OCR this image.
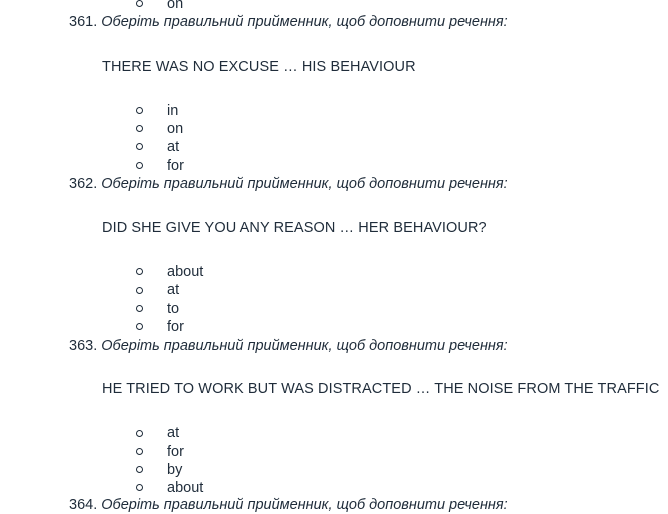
on
361. Оберіть правильний прийменник, щоб доповнити речення:
THERE WAS NO EXCUSE … HIS BEHAVIOUR
in
on
at
for
362. Оберіть правильний прийменник, щоб доповнити речення:
DID SHE GIVE YOU ANY REASON … HER BEHAVIOUR?
about
at
to
for
363. Оберіть правильний прийменник, щоб доповнити речення:
HE TRIED TO WORK BUT WAS DISTRACTED … THE NOISE FROM THE TRAFFIC
at
for
by
about
364. Оберіть правильний прийменник, щоб доповнити речення:
